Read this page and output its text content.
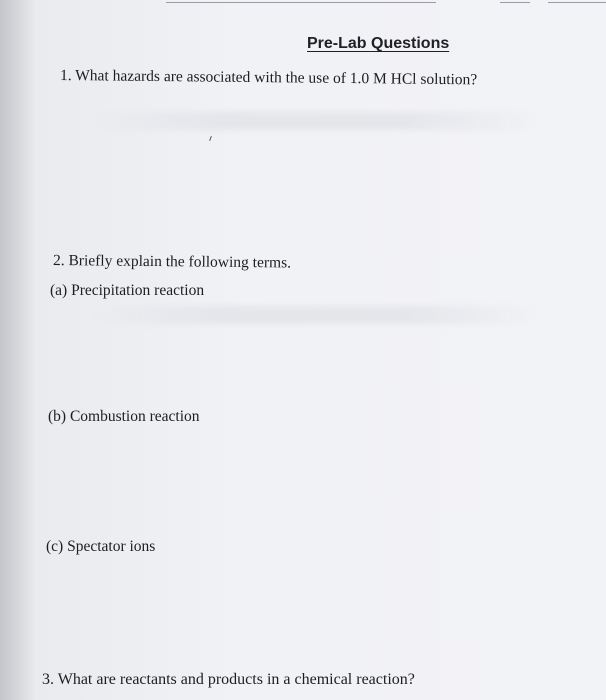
Pre-Lab Questions
1. What hazards are associated with the use of 1.0 M HCl solution?
2. Briefly explain the following terms.
(a) Precipitation reaction
(b) Combustion reaction
(c) Spectator ions
3. What are reactants and products in a chemical reaction?
